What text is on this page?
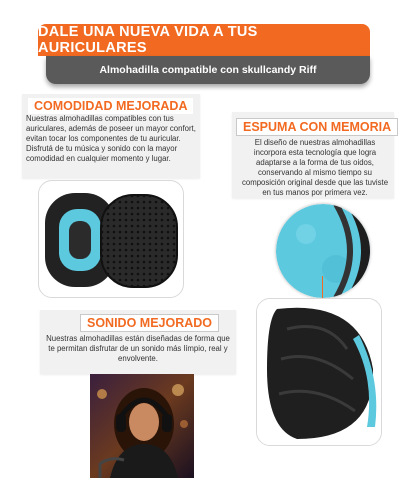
DALE UNA NUEVA VIDA A TUS AURICULARES
Almohadilla compatible con skullcandy Riff
COMODIDAD MEJORADA
Nuestras almohadillas compatibles con tus auriculares, además de poseer un mayor confort, evitan tocar los componentes de tu auricular. Disfrutá de tu música y sonido con la mayor comodidad en cualquier momento y lugar.
ESPUMA CON MEMORIA
El diseño de nuestras almohadillas incorpora esta tecnología que logra adaptarse a la forma de tus oidos, conservando al mismo tiempo su composición original desde que las tuviste en tus manos por primera vez.
SONIDO MEJORADO
Nuestras almohadillas están diseñadas de forma que te permitan disfrutar de un sonido más límpio, real y envolvente.
